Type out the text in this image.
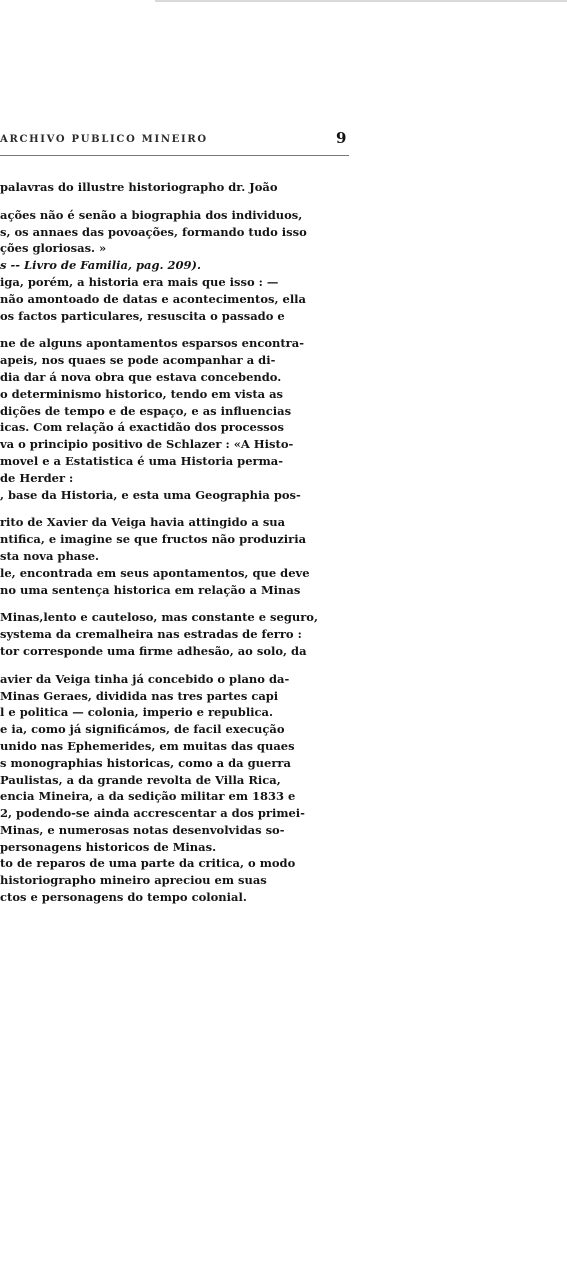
ARCHIVO PUBLICO MINEIRO	9
palavras do illustre historiographo dr. João
ações não é senão a biographia dos individuos,
s, os annaes das povoações, formando tudo isso
ções gloriosas. »
s -- Livro de Familia, pag. 209).
iga, porém, a historia era mais que isso : —
não amontoado de datas e acontecimentos, ella
os factos particulares, resuscita o passado e
ne de alguns apontamentos esparsos encontra-
apeis, nos quaes se pode acompanhar a di-
dia dar á nova obra que estava concebendo.
o determinismo historico, tendo em vista as
dições de tempo e de espaço, e as influencias
icas. Com relação á exactidão dos processos
va o principio positivo de Schlazer : «A Histo-
movel e a Estatistica é uma Historia perma-
de Herder :
, base da Historia, e esta uma Geographia pos-
rito de Xavier da Veiga havia attingido a sua
ntifica, e imagine se que fructos não produziria
sta nova phase.
le, encontrada em seus apontamentos, que deve
no uma sentença historica em relação a Minas
Minas,lento e cauteloso, mas constante e seguro,
systema da cremalheira nas estradas de ferro :
tor corresponde uma firme adhesão, ao solo, da
avier da Veiga tinha já concebido o plano da-
Minas Geraes, dividida nas tres partes capi
l e politica — colonia, imperio e republica.
e ia, como já significámos, de facil execução
unido nas Ephemerides, em muitas das quaes
s monographias historicas, como a da guerra
Paulistas, a da grande revolta de Villa Rica,
encia Mineira, a da sedição militar em 1833 e
2, podendo-se ainda accrescentar a dos primei-
Minas, e numerosas notas desenvolvidas so-
personagens historicos de Minas.
to de reparos de uma parte da critica, o modo
historiographo mineiro apreciou em suas
ctos e personagens do tempo colonial.
